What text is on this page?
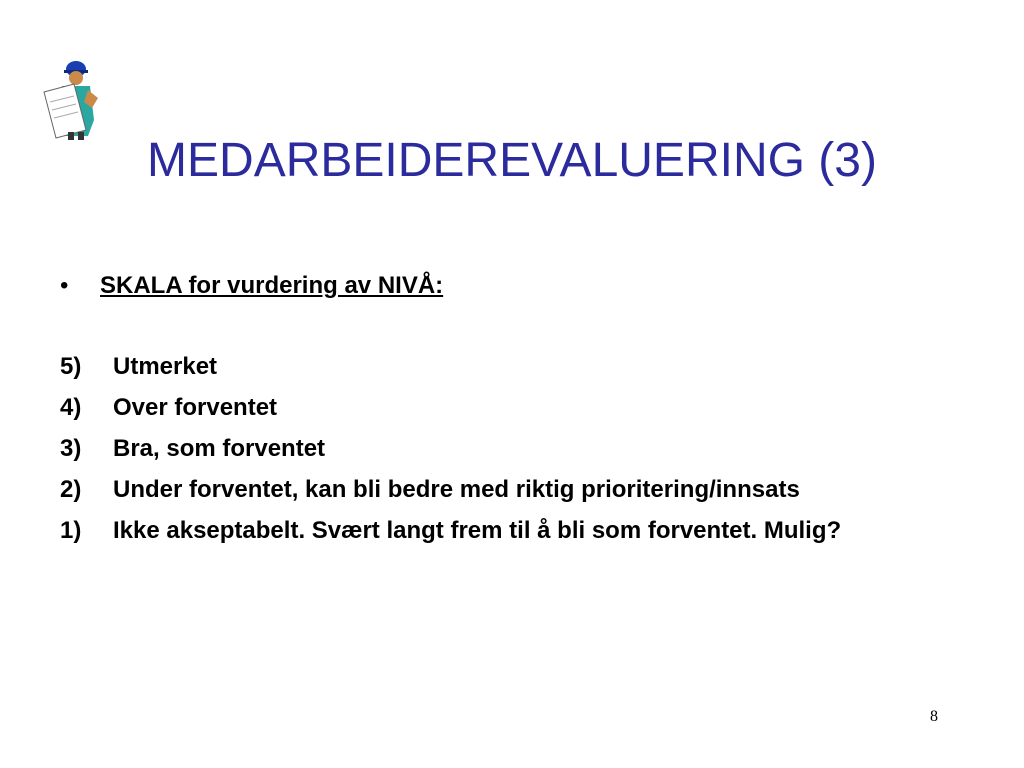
MEDARBEIDEREVALUERING (3)
•	SKALA for vurdering av NIVÅ:
5)	Utmerket
4)	Over forventet
3)	Bra, som forventet
2)	Under forventet, kan bli bedre med riktig prioritering/innsats
1)	Ikke akseptabelt. Svært langt frem til å bli som forventet. Mulig?
8
